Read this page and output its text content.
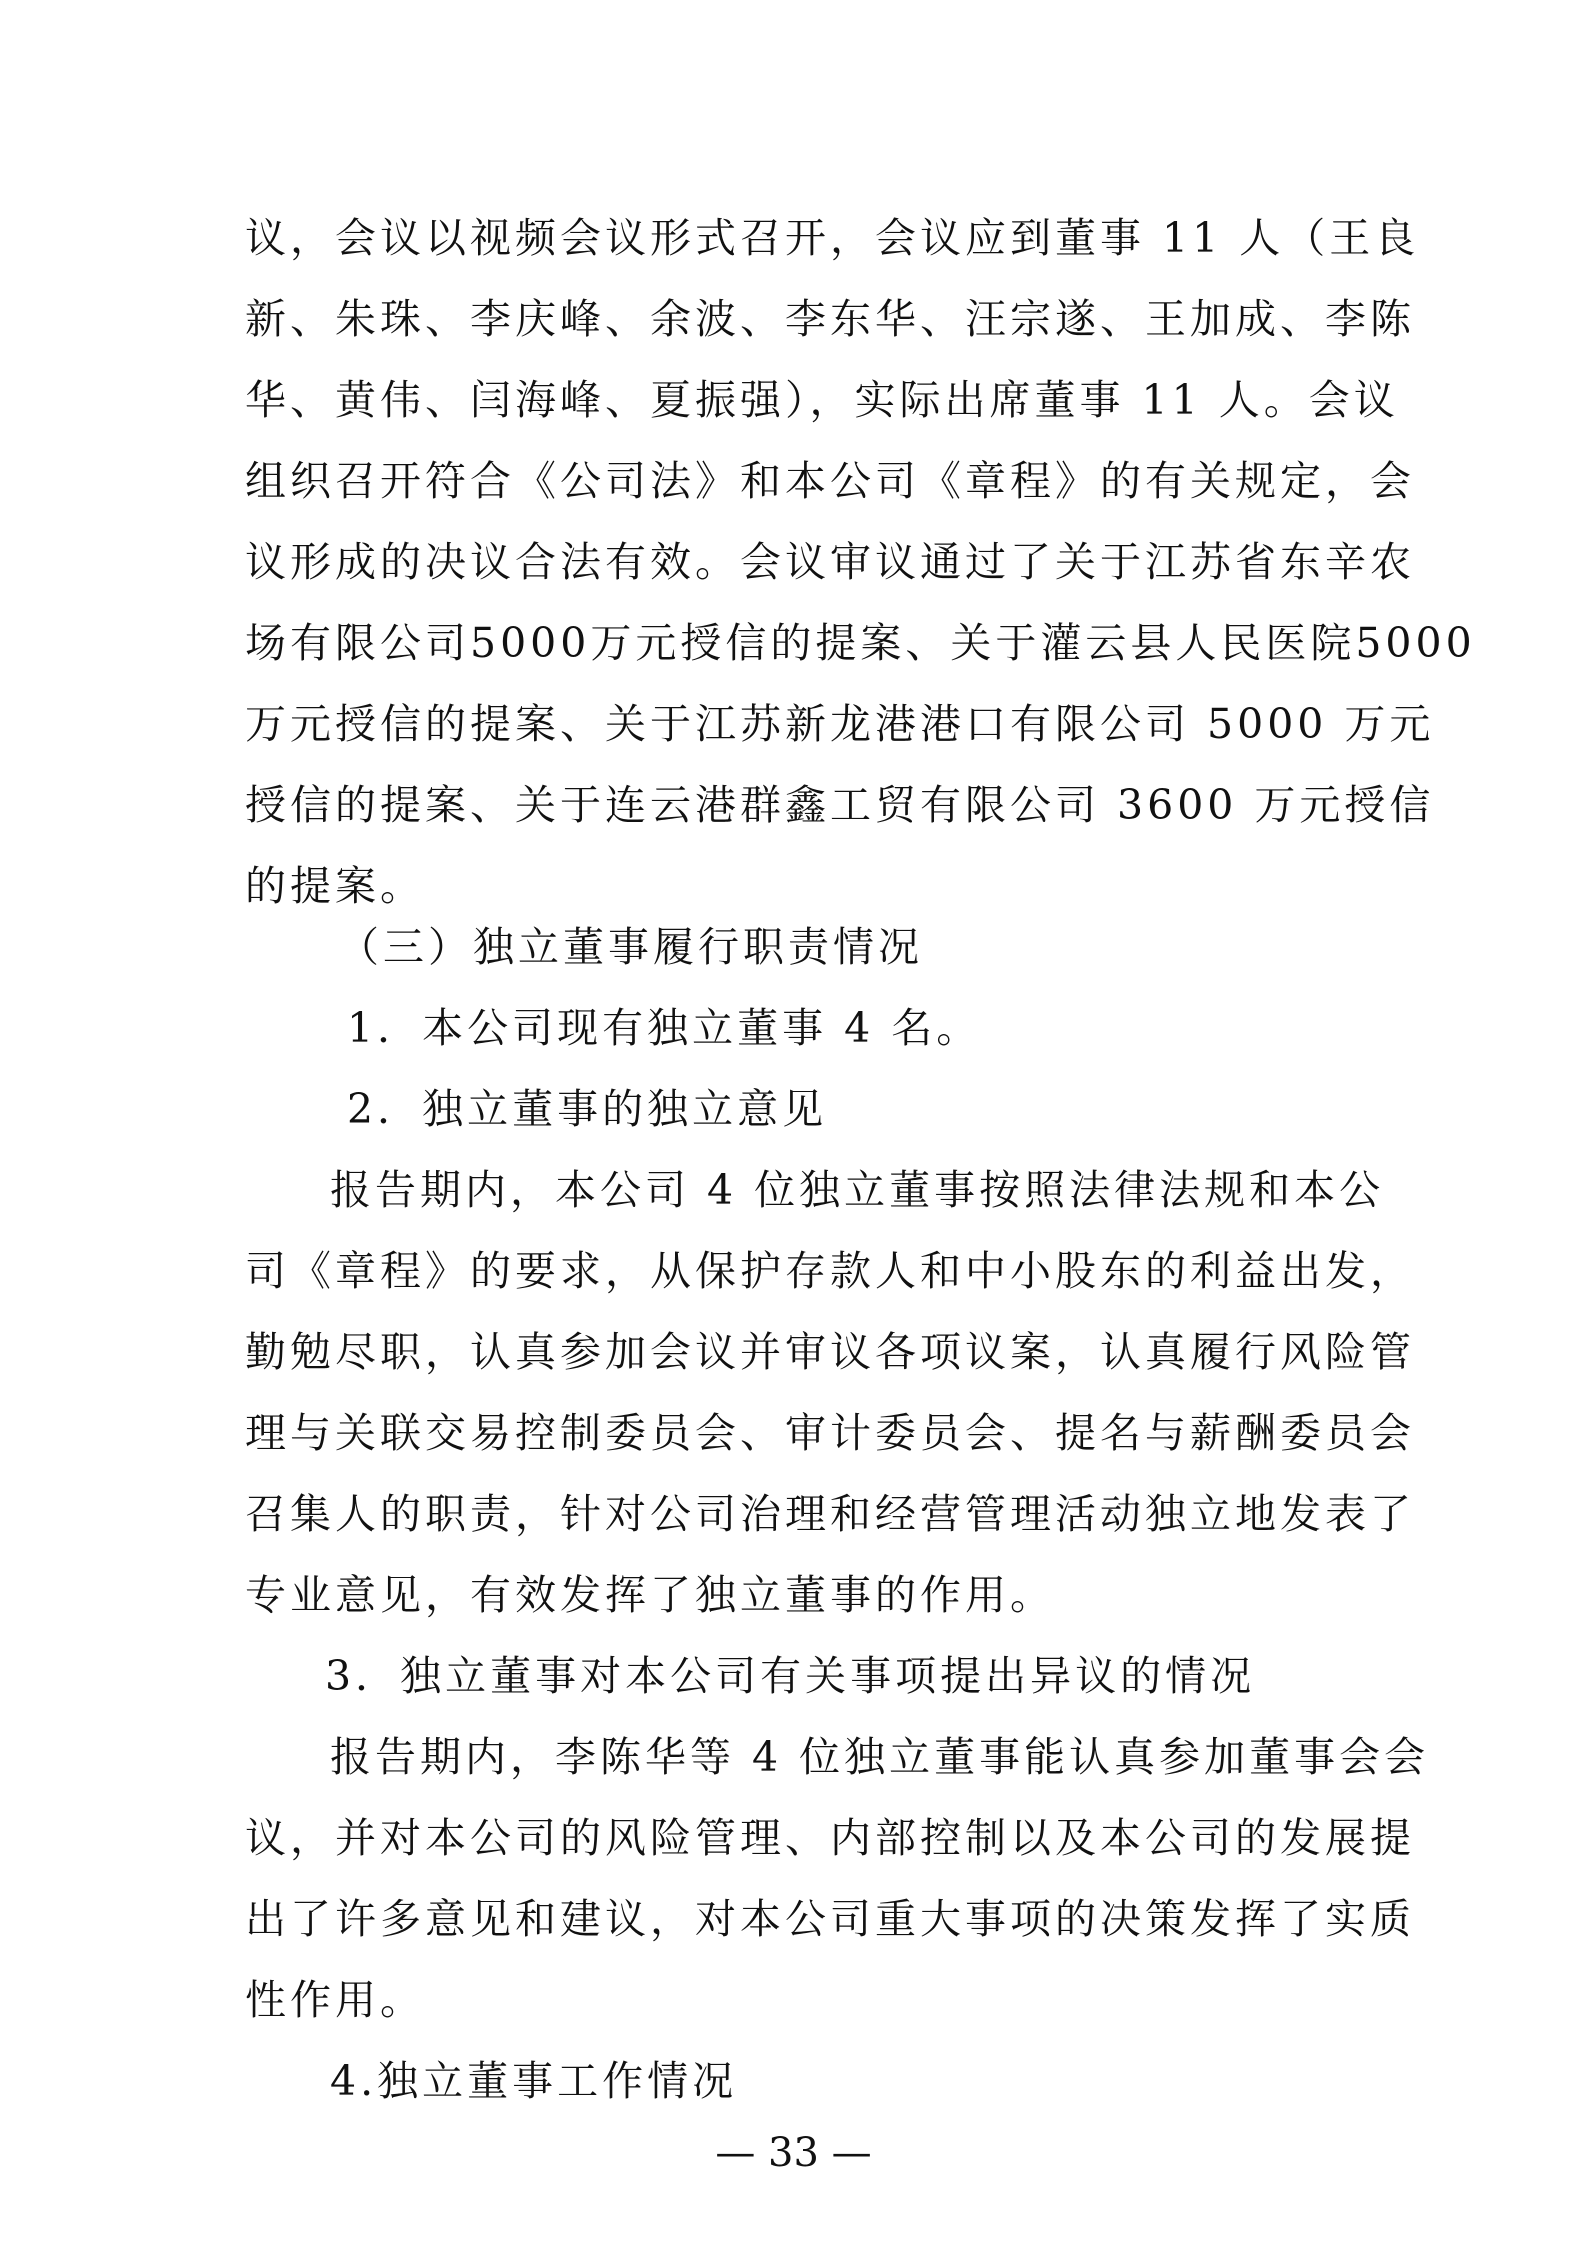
议，会议以视频会议形式召开，会议应到董事 11 人（王良
新、朱珠、李庆峰、余波、李东华、汪宗遂、王加成、李陈
华、黄伟、闫海峰、夏振强），实际出席董事 11 人。会议
组织召开符合《公司法》和本公司《章程》的有关规定，会
议形成的决议合法有效。会议审议通过了关于江苏省东辛农
场有限公司5000万元授信的提案、关于灌云县人民医院5000
万元授信的提案、关于江苏新龙港港口有限公司 5000 万元
授信的提案、关于连云港群鑫工贸有限公司 3600 万元授信
的提案。
（三）独立董事履行职责情况
1．本公司现有独立董事 4 名。
2．独立董事的独立意见
报告期内，本公司 4 位独立董事按照法律法规和本公
司《章程》的要求，从保护存款人和中小股东的利益出发，
勤勉尽职，认真参加会议并审议各项议案，认真履行风险管
理与关联交易控制委员会、审计委员会、提名与薪酬委员会
召集人的职责，针对公司治理和经营管理活动独立地发表了
专业意见，有效发挥了独立董事的作用。
3．独立董事对本公司有关事项提出异议的情况
报告期内，李陈华等 4 位独立董事能认真参加董事会会
议，并对本公司的风险管理、内部控制以及本公司的发展提
出了许多意见和建议，对本公司重大事项的决策发挥了实质
性作用。
4.独立董事工作情况
— 33 —
